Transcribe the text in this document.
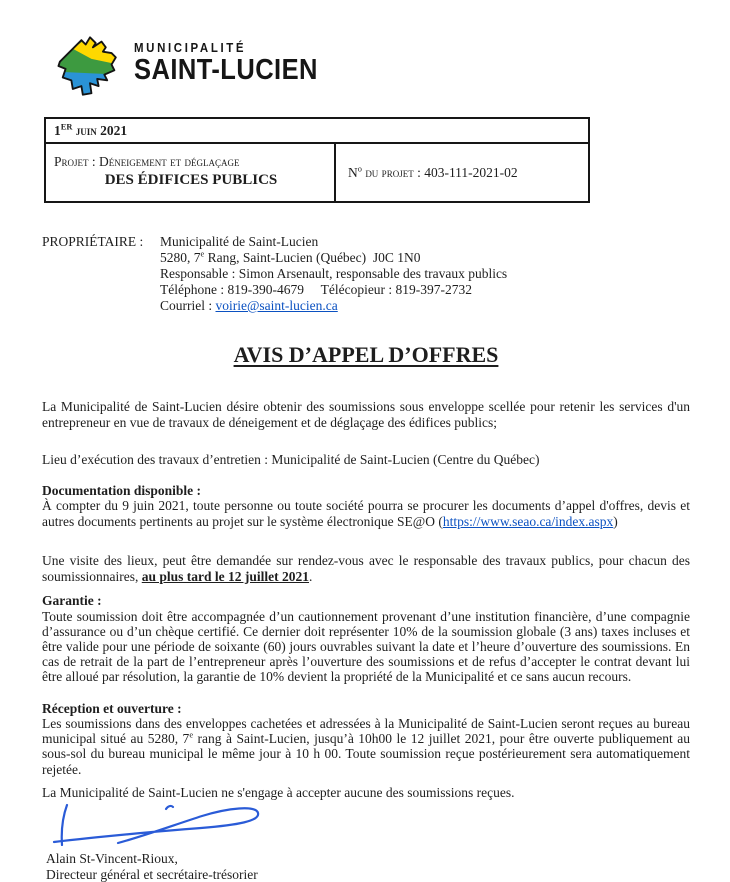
MUNICIPALITÉ
SAINT-LUCIEN
1ER juin 2021

Projet : Déneigement et déglaçage
DES ÉDIFICES PUBLICS	$N^o$ du projet : 403-111-2021-02
PROPRIÉTAIRE :	Municipalité de Saint-Lucien
5280, 7e Rang, Saint-Lucien (Québec)  J0C 1N0
Responsable : Simon Arsenault, responsable des travaux publics
Téléphone : 819-390-4679     Télécopieur : 819-397-2732
Courriel : voirie@saint-lucien.ca
AVIS D’APPEL D’OFFRES

La Municipalité de Saint-Lucien désire obtenir des soumissions sous enveloppe scellée pour retenir les services d'un entrepreneur en vue de travaux de déneigement et de déglaçage des édifices publics;

Lieu d’exécution des travaux d’entretien : Municipalité de Saint-Lucien (Centre du Québec)

Documentation disponible :

À compter du 9 juin 2021, toute personne ou toute société pourra se procurer les documents d’appel d'offres, devis et autres documents pertinents au projet sur le système électronique SE@O (https://www.seao.ca/index.aspx)

Une visite des lieux, peut être demandée sur rendez-vous avec le responsable des travaux publics, pour chacun des soumissionnaires, au plus tard le 12 juillet 2021.

Garantie :

Toute soumission doit être accompagnée d’un cautionnement provenant d’une institution financière, d’une compagnie d’assurance ou d’un chèque certifié. Ce dernier doit représenter 10% de la soumission globale (3 ans) taxes incluses et être valide pour une période de soixante (60) jours ouvrables suivant la date et l’heure d’ouverture des soumissions. En cas de retrait de la part de l’entrepreneur après l’ouverture des soumissions et de refus d’accepter le contrat devant lui être alloué par résolution, la garantie de 10% devient la propriété de la Municipalité et ce sans aucun recours.

Réception et ouverture :

Les soumissions dans des enveloppes cachetées et adressées à la Municipalité de Saint-Lucien seront reçues au bureau municipal situé au 5280, 7e rang à Saint-Lucien, jusqu’à 10h00 le 12 juillet 2021, pour être ouverte publiquement au sous-sol du bureau municipal le même jour à 10 h 00. Toute soumission reçue postérieurement sera automatiquement rejetée.

La Municipalité de Saint-Lucien ne s'engage à accepter aucune des soumissions reçues.

Alain St-Vincent-Rioux,
Directeur général et secrétaire-trésorier
